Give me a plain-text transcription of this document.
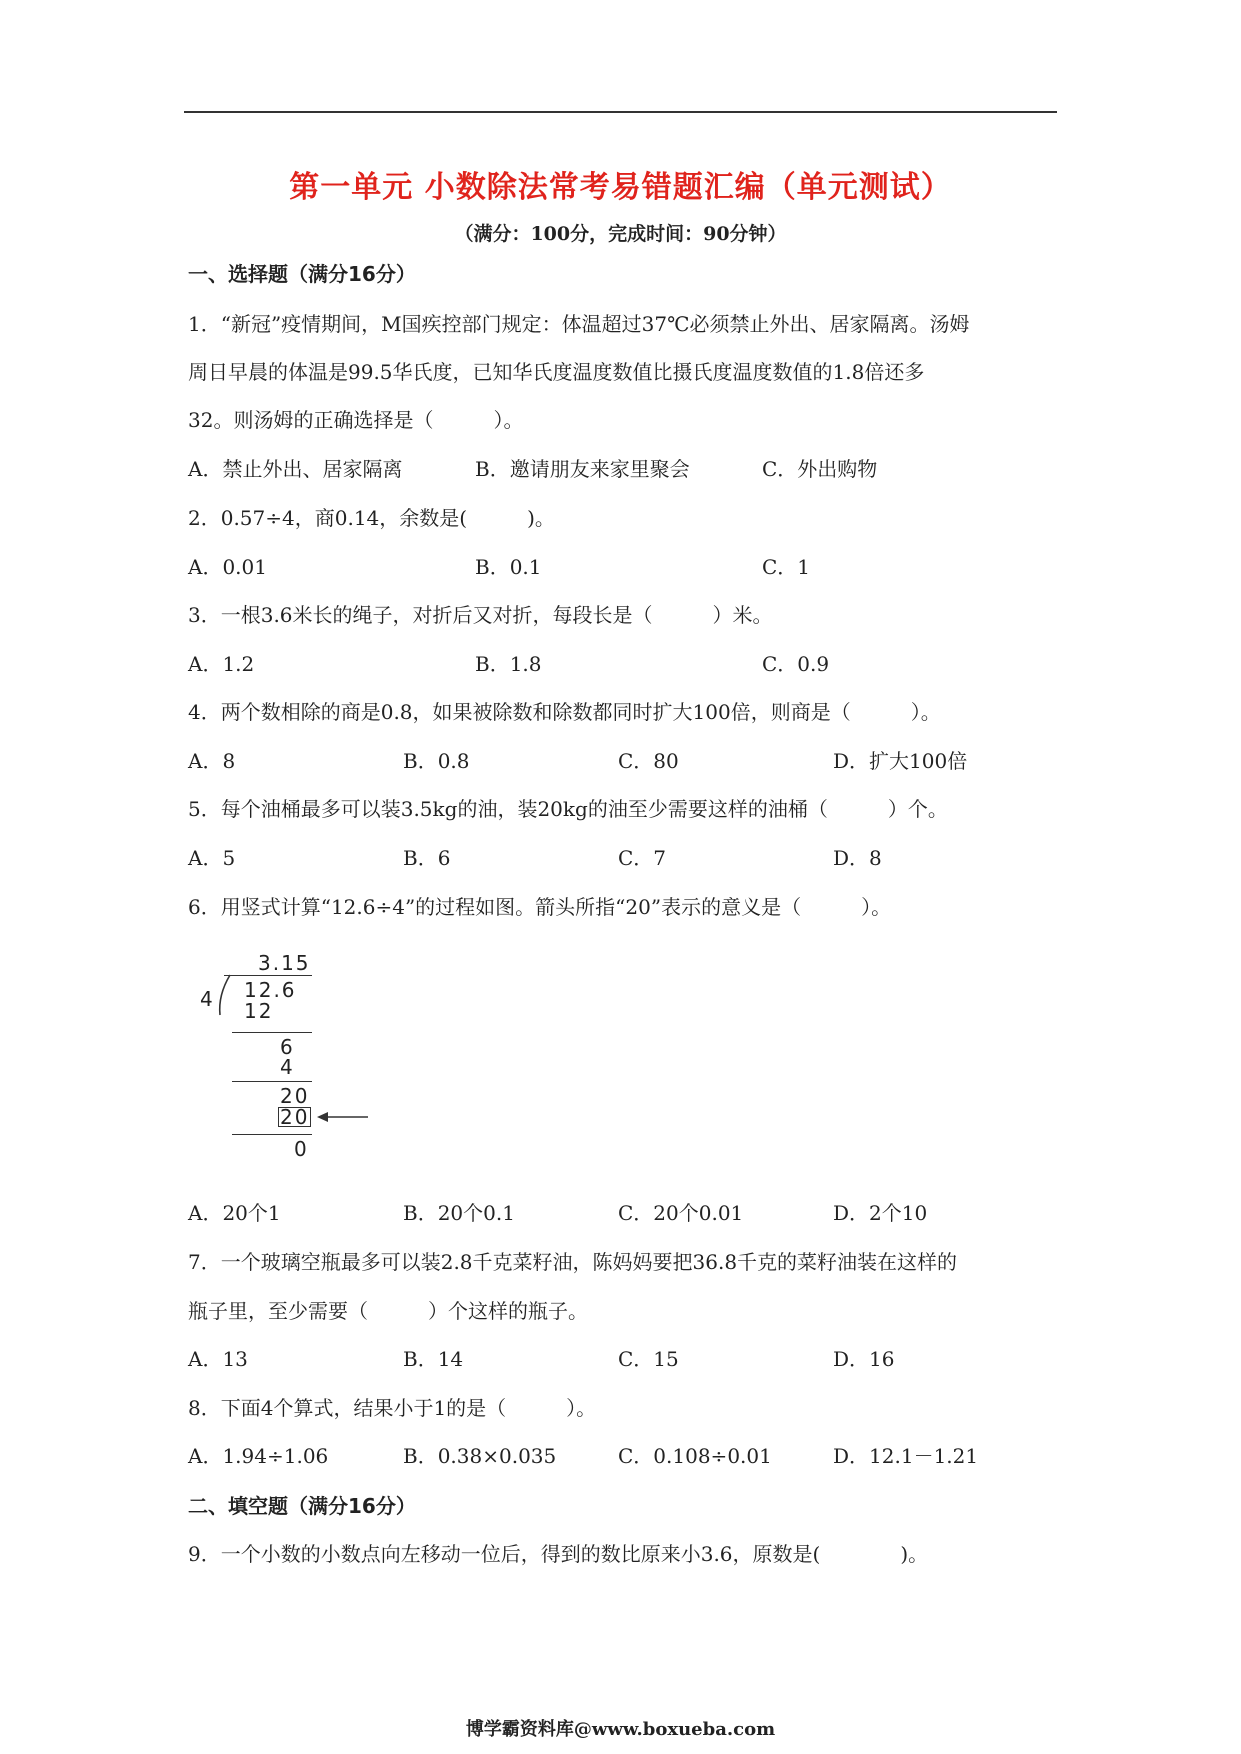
第一单元 小数除法常考易错题汇编（单元测试）
（满分：100分，完成时间：90分钟）
一、选择题（满分16分）
1．“新冠”疫情期间，M国疾控部门规定：体温超过37℃必须禁止外出、居家隔离。汤姆
周日早晨的体温是99.5华氏度，已知华氏度温度数值比摄氏度温度数值的1.8倍还多
32。则汤姆的正确选择是（　　　）。
A．禁止外出、居家隔离	B．邀请朋友来家里聚会	C．外出购物
2．0.57÷4，商0.14，余数是(　　　)。
A．0.01	B．0.1	C．1
3．一根3.6米长的绳子，对折后又对折，每段长是（　　　）米。
A．1.2	B．1.8	C．0.9
4．两个数相除的商是0.8，如果被除数和除数都同时扩大100倍，则商是（　　　）。
A．8	B．0.8	C．80	D．扩大100倍
5．每个油桶最多可以装3.5kg的油，装20kg的油至少需要这样的油桶（　　　）个。
A．5	B．6	C．7	D．8
6．用竖式计算“12.6÷4”的过程如图。箭头所指“20”表示的意义是（　　　）。
3.15
4 12.6
12
6
4
20
20
0
A．20个1	B．20个0.1	C．20个0.01	D．2个10
7．一个玻璃空瓶最多可以装2.8千克菜籽油，陈妈妈要把36.8千克的菜籽油装在这样的
瓶子里，至少需要（　　　）个这样的瓶子。
A．13	B．14	C．15	D．16
8．下面4个算式，结果小于1的是（　　　）。
A．1.94÷1.06	B．0.38×0.035	C．0.108÷0.01	D．12.1－1.21
二、填空题（满分16分）
9．一个小数的小数点向左移动一位后，得到的数比原来小3.6，原数是(　　　　)。
博学霸资料库@www.boxueba.com
